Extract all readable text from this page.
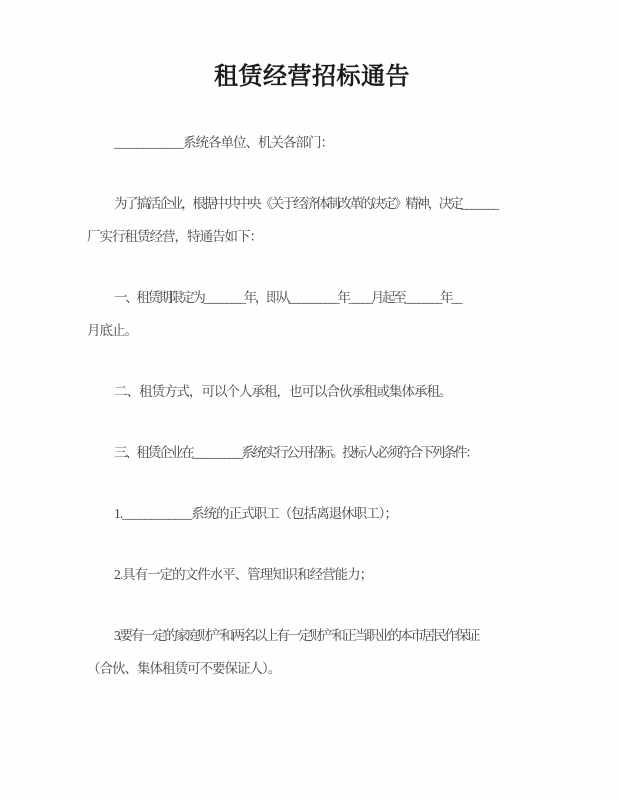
租赁经营招标通告
____________系统各单位、机关各部门：
为了搞活企业，根据中共中央《关于经济体制改革的决定》精神，决定________
厂实行租赁经营，特通告如下：
一、租赁期限定为_________年，即从___________年_____月起至________年__
月底止。
二、租赁方式，可以个人承租，也可以合伙承租或集体承租。
三、租赁企业在___________系统实行公开招标。投标人必须符合下列条件：
1.____________系统的正式职工（包括离退休职工）；
2.具有一定的文件水平、管理知识和经营能力；
3.要有一定的家庭财产和两名以上有一定财产和正当职业的本市居民作保证
（合伙、集体租赁可不要保证人）。
